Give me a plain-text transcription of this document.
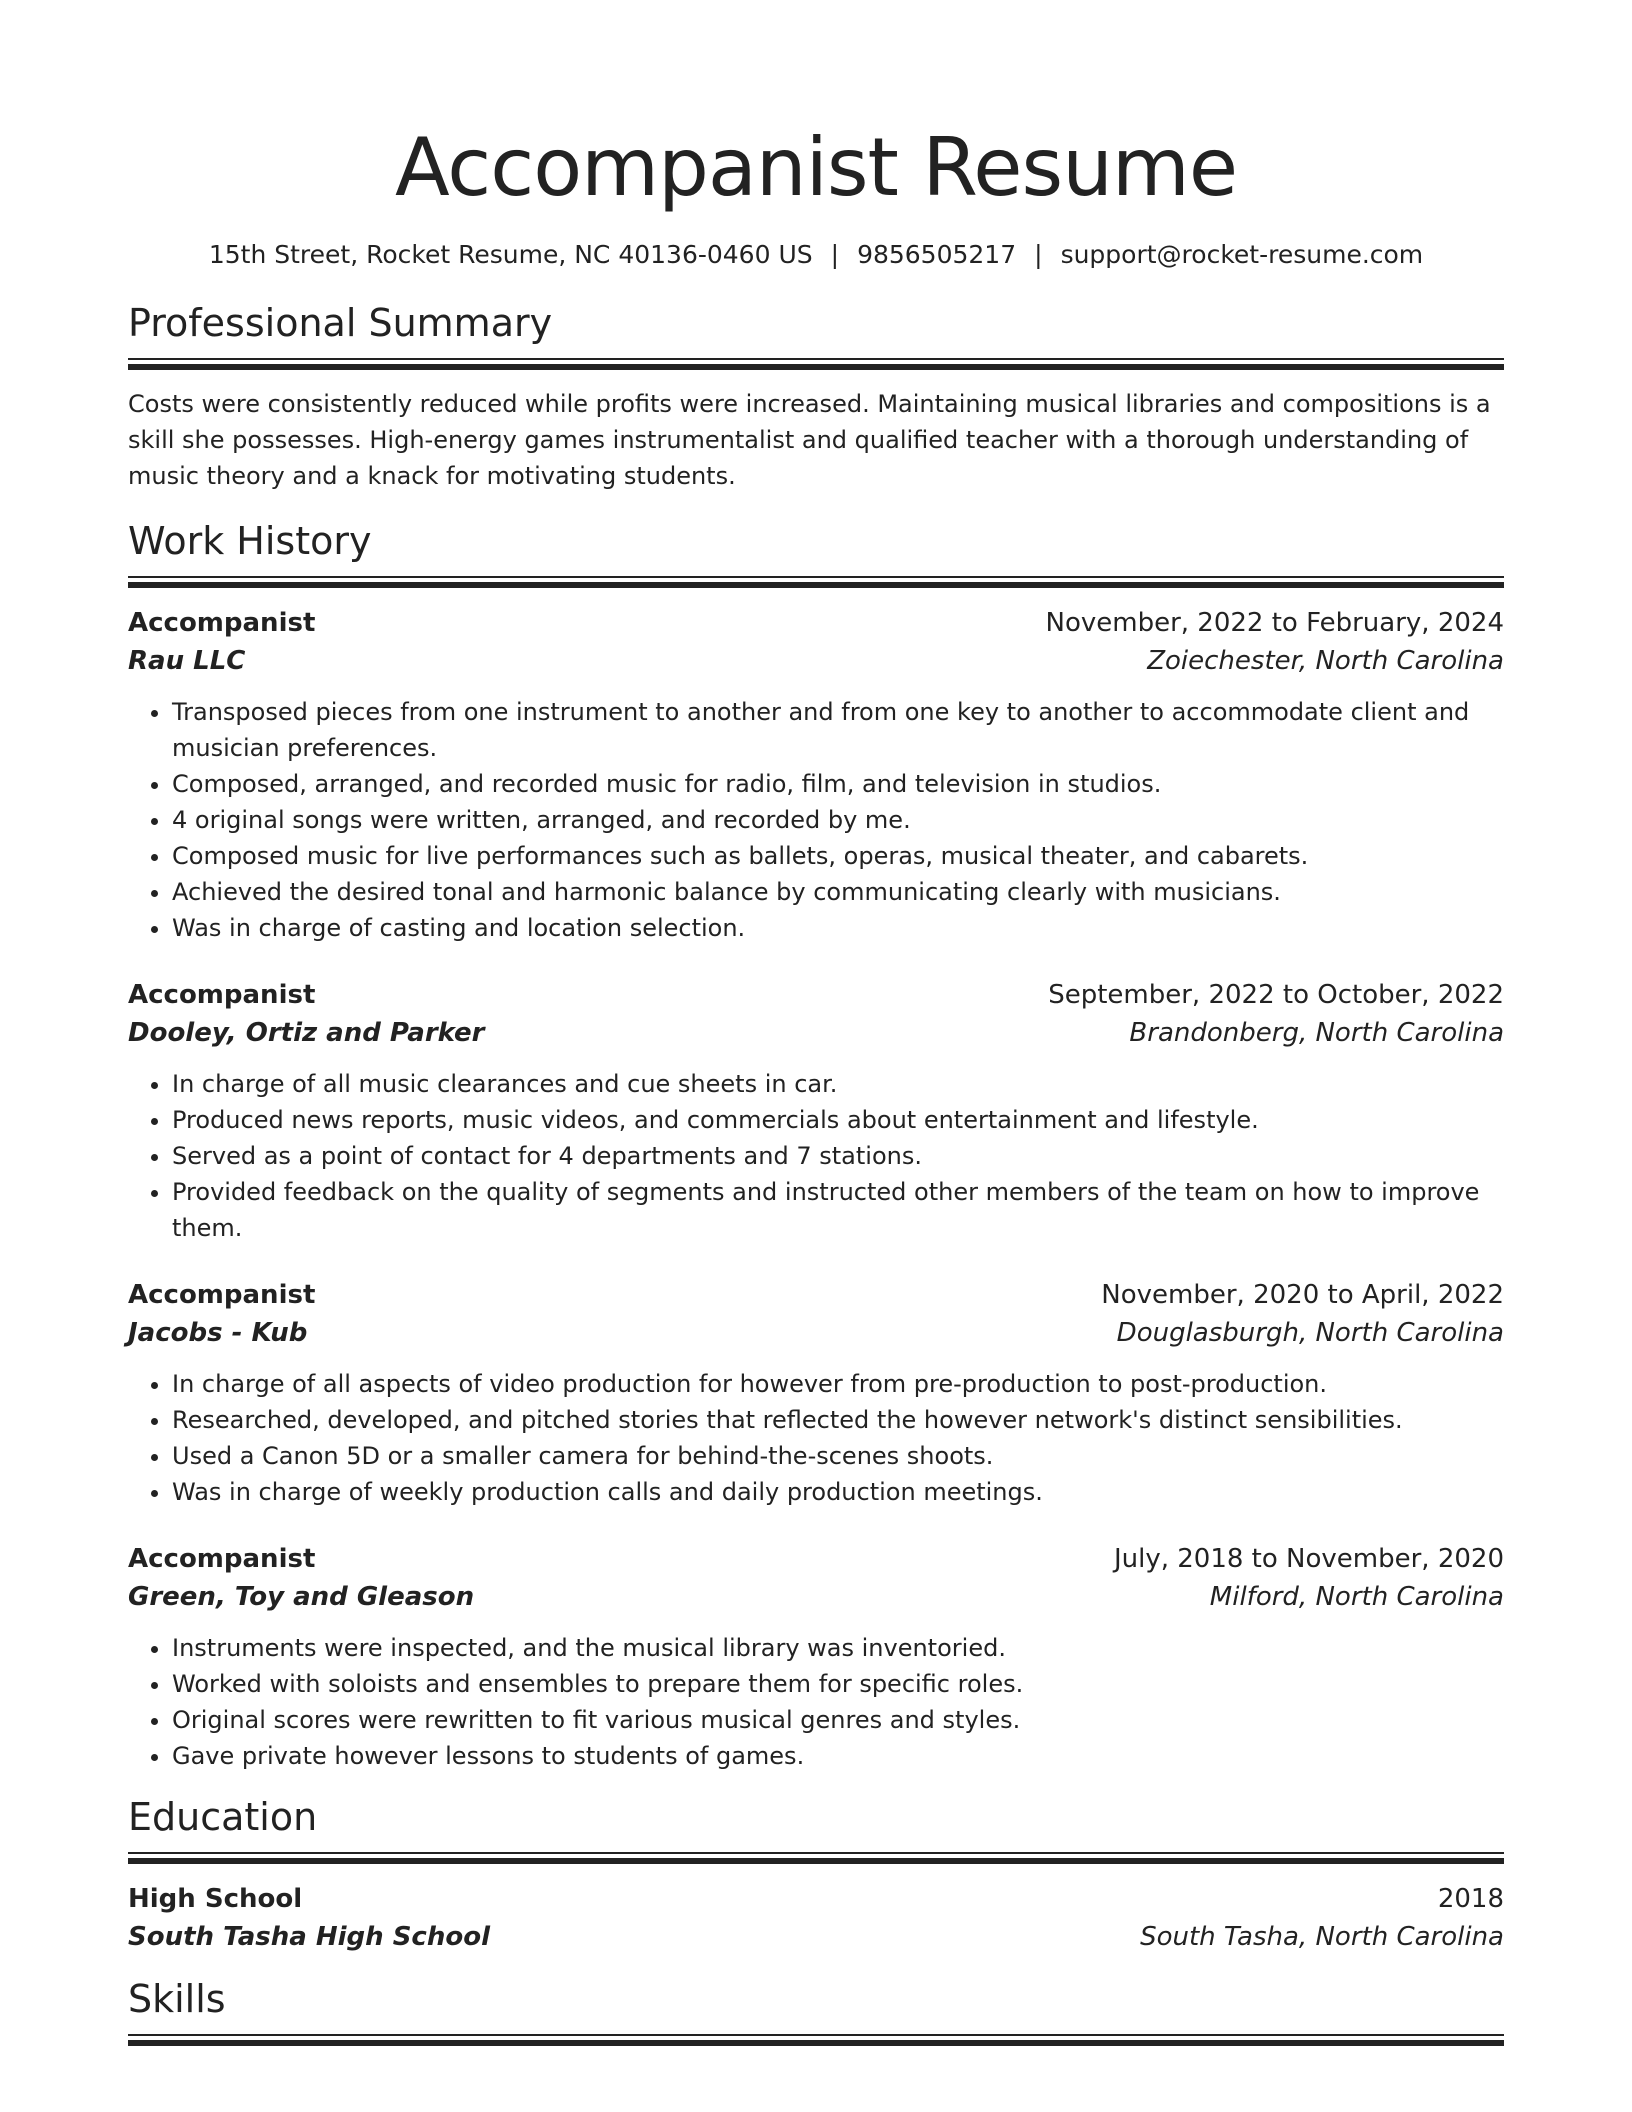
Accompanist Resume
15th Street, Rocket Resume, NC 40136-0460 US | 9856505217 | support@rocket-resume.com
Professional Summary
Costs were consistently reduced while profits were increased. Maintaining musical libraries and compositions is a skill she possesses. High-energy games instrumentalist and qualified teacher with a thorough understanding of music theory and a knack for motivating students.
Work History
Accompanist	November, 2022 to February, 2024
Rau LLC	Zoiechester, North Carolina
• Transposed pieces from one instrument to another and from one key to another to accommodate client and musician preferences.
• Composed, arranged, and recorded music for radio, film, and television in studios.
• 4 original songs were written, arranged, and recorded by me.
• Composed music for live performances such as ballets, operas, musical theater, and cabarets.
• Achieved the desired tonal and harmonic balance by communicating clearly with musicians.
• Was in charge of casting and location selection.
Accompanist	September, 2022 to October, 2022
Dooley, Ortiz and Parker	Brandonberg, North Carolina
• In charge of all music clearances and cue sheets in car.
• Produced news reports, music videos, and commercials about entertainment and lifestyle.
• Served as a point of contact for 4 departments and 7 stations.
• Provided feedback on the quality of segments and instructed other members of the team on how to improve them.
Accompanist	November, 2020 to April, 2022
Jacobs - Kub	Douglasburgh, North Carolina
• In charge of all aspects of video production for however from pre-production to post-production.
• Researched, developed, and pitched stories that reflected the however network's distinct sensibilities.
• Used a Canon 5D or a smaller camera for behind-the-scenes shoots.
• Was in charge of weekly production calls and daily production meetings.
Accompanist	July, 2018 to November, 2020
Green, Toy and Gleason	Milford, North Carolina
• Instruments were inspected, and the musical library was inventoried.
• Worked with soloists and ensembles to prepare them for specific roles.
• Original scores were rewritten to fit various musical genres and styles.
• Gave private however lessons to students of games.
Education
High School	2018
South Tasha High School	South Tasha, North Carolina
Skills
